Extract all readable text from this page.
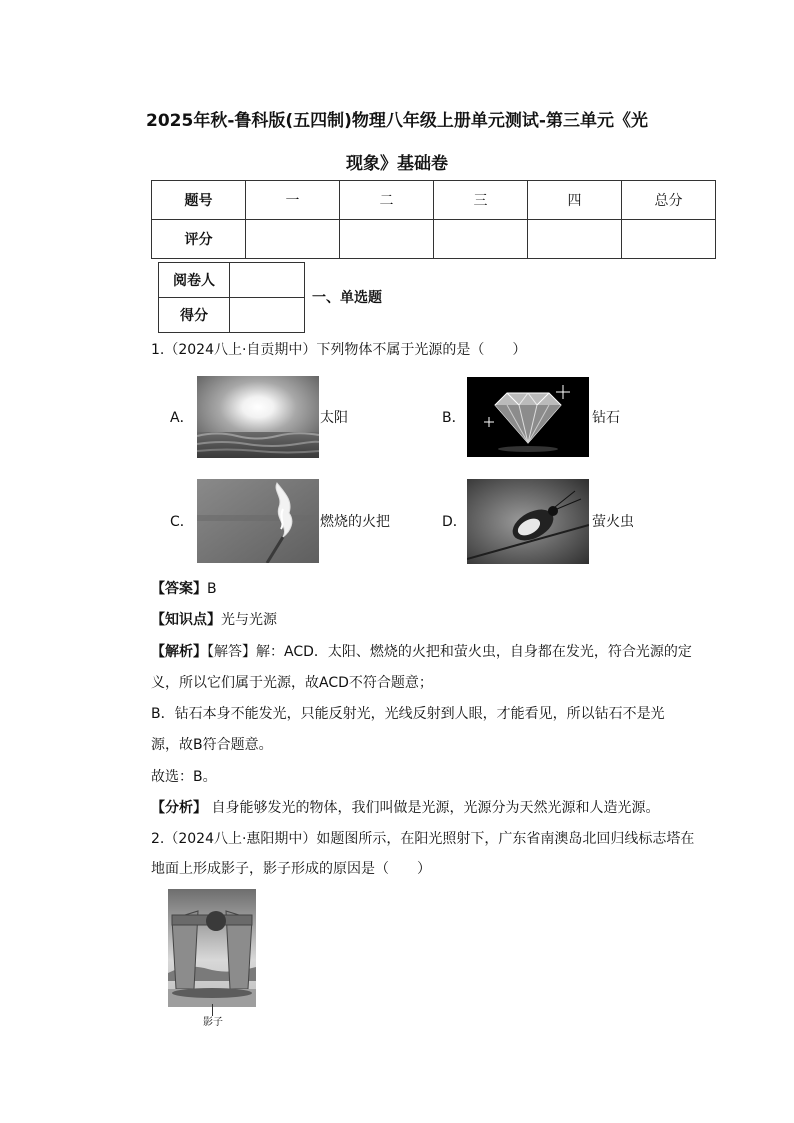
2025年秋-鲁科版(五四制)物理八年级上册单元测试-第三单元《光
现象》基础卷
题号	一	二	三	四	总分
评分					
阅卷人	
得分	
一、单选题
1.（2024八上·自贡期中）下列物体不属于光源的是（　　）
A．	太阳	B．	钻石
C．	燃烧的火把	D．	萤火虫
【答案】B
【知识点】光与光源
【解析】【解答】解：ACD．太阳、燃烧的火把和萤火虫，自身都在发光，符合光源的定
义，所以它们属于光源，故ACD不符合题意；
B．钻石本身不能发光，只能反射光，光线反射到人眼，才能看见，所以钻石不是光
源，故B符合题意。
故选：B。
【分析】 自身能够发光的物体，我们叫做是光源，光源分为天然光源和人造光源。
2.（2024八上·惠阳期中）如题图所示，在阳光照射下，广东省南澳岛北回归线标志塔在
地面上形成影子，影子形成的原因是（　　）
影子
